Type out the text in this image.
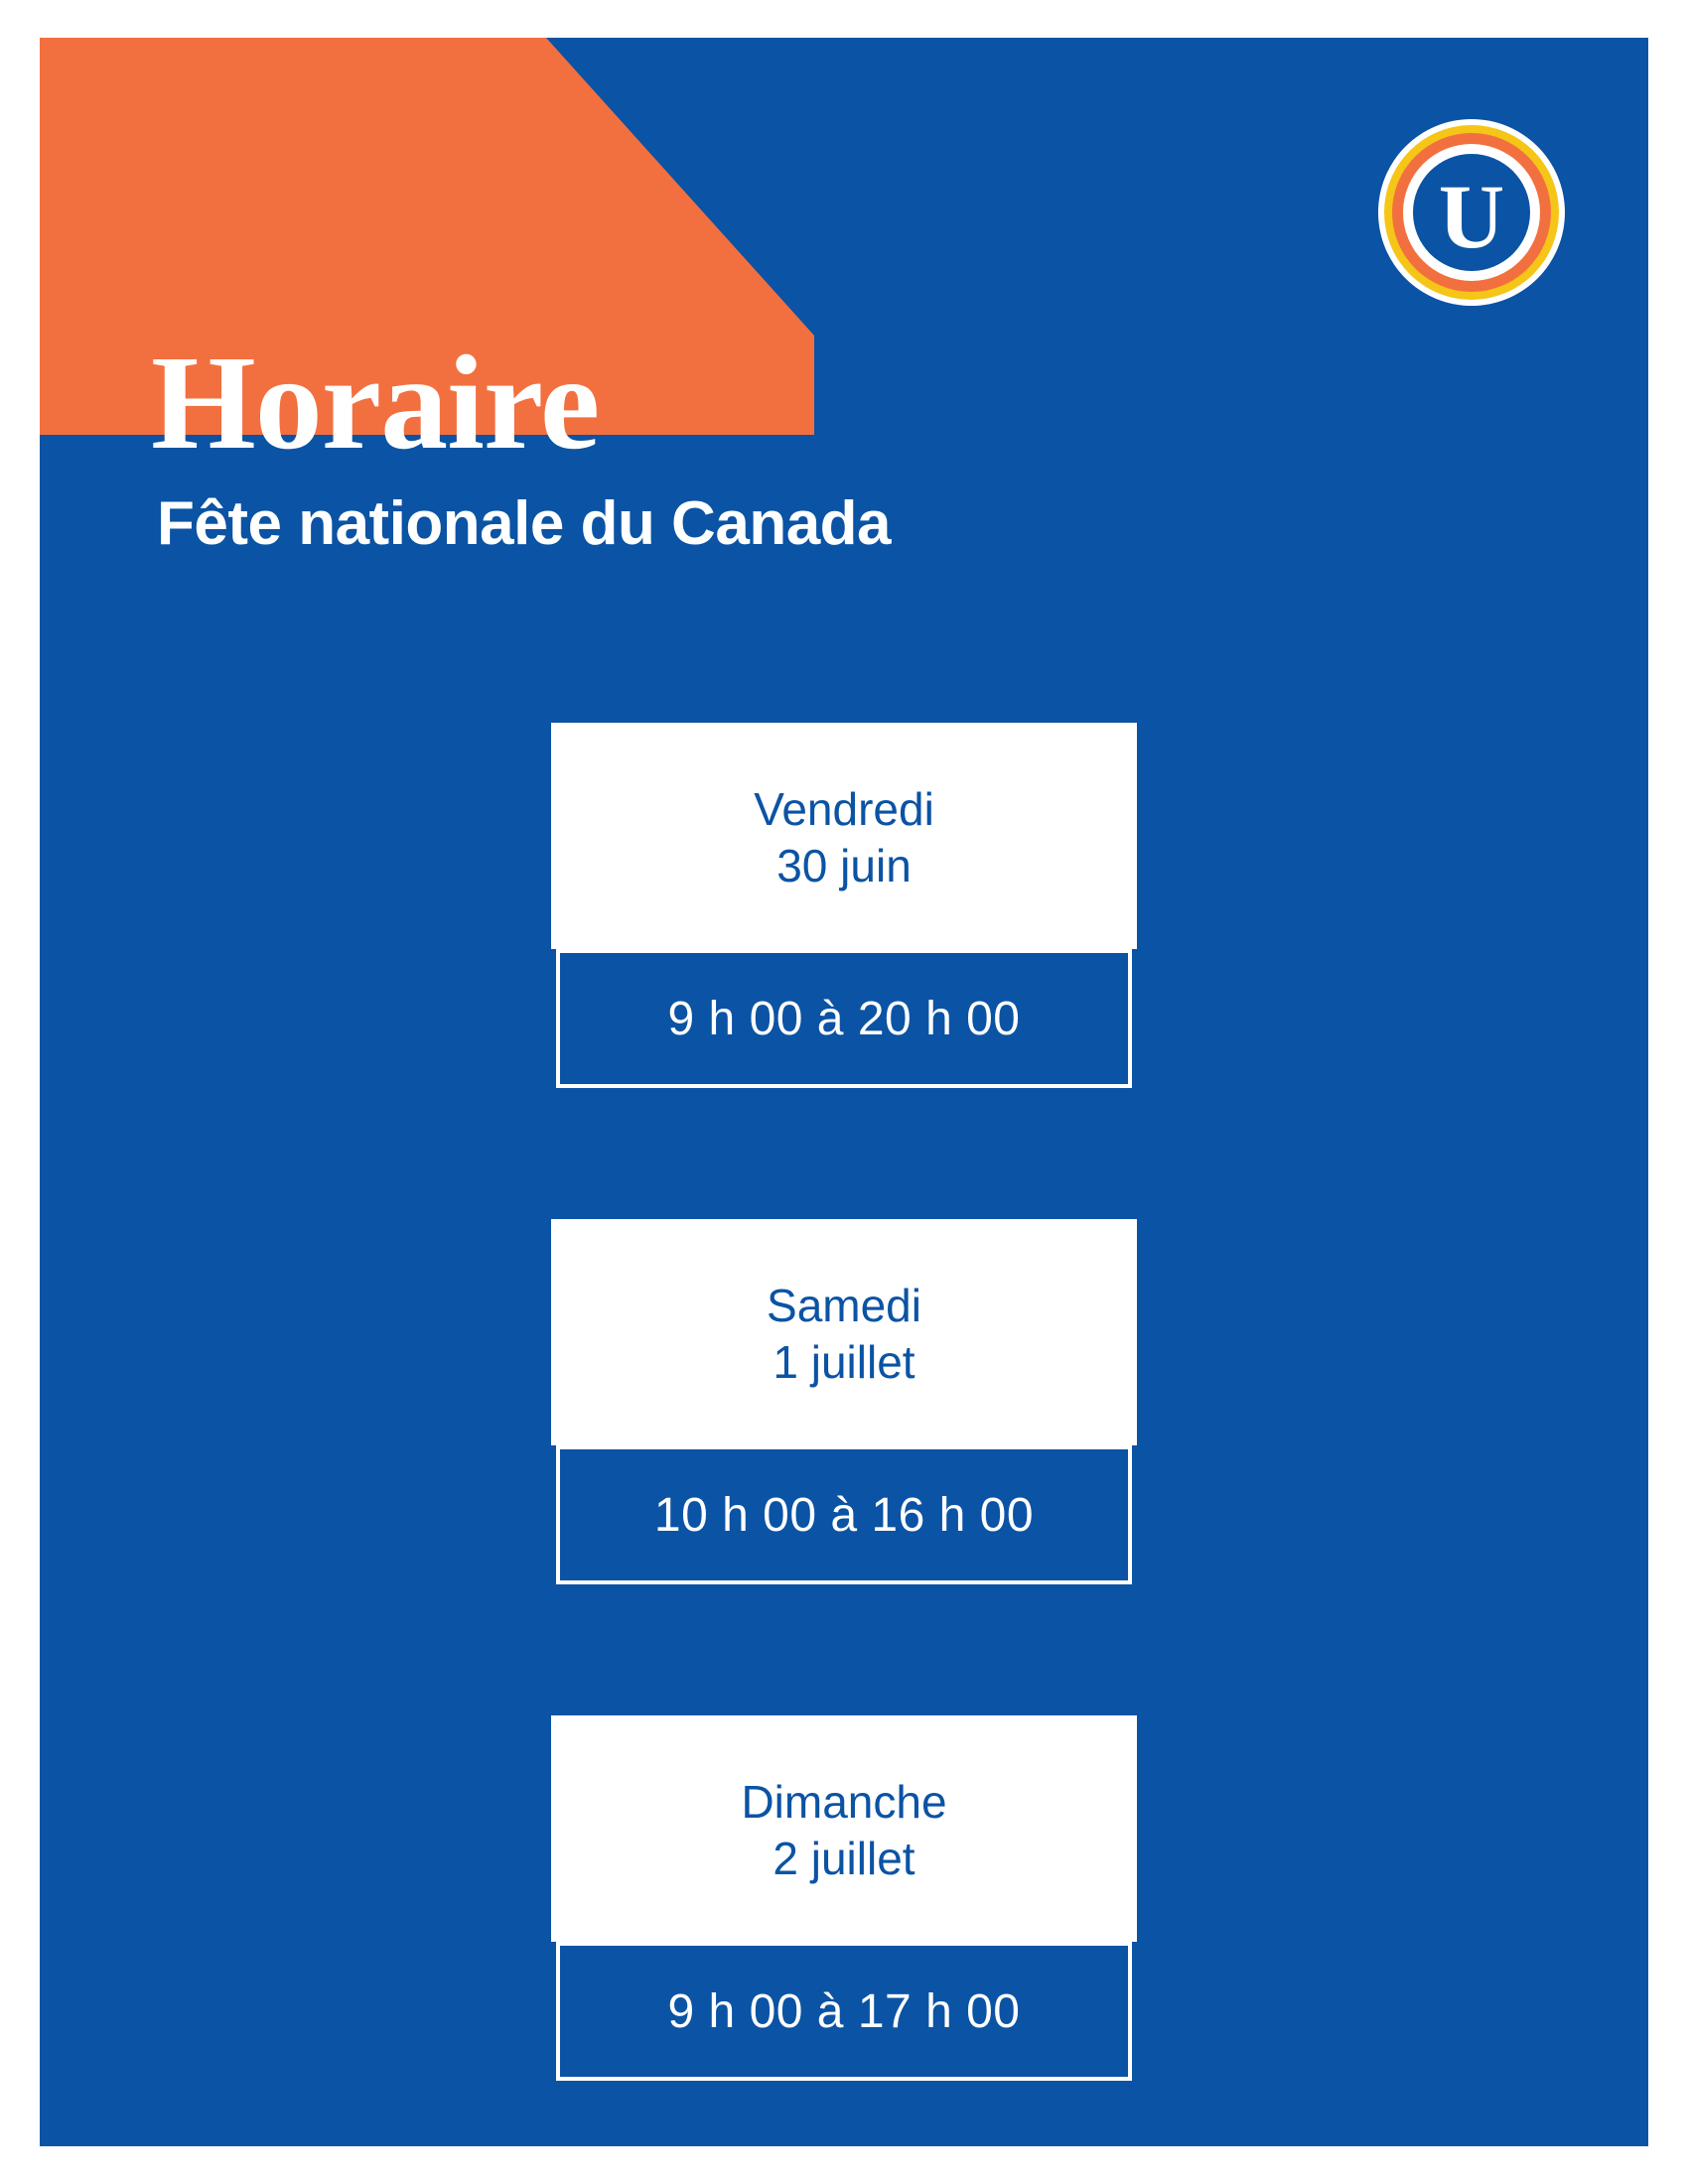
U
Horaire
Fête nationale du Canada
Vendredi
30 juin
9 h 00 à 20 h 00
Samedi
1 juillet
10 h 00 à 16 h 00
Dimanche
2 juillet
9 h 00 à 17 h 00
